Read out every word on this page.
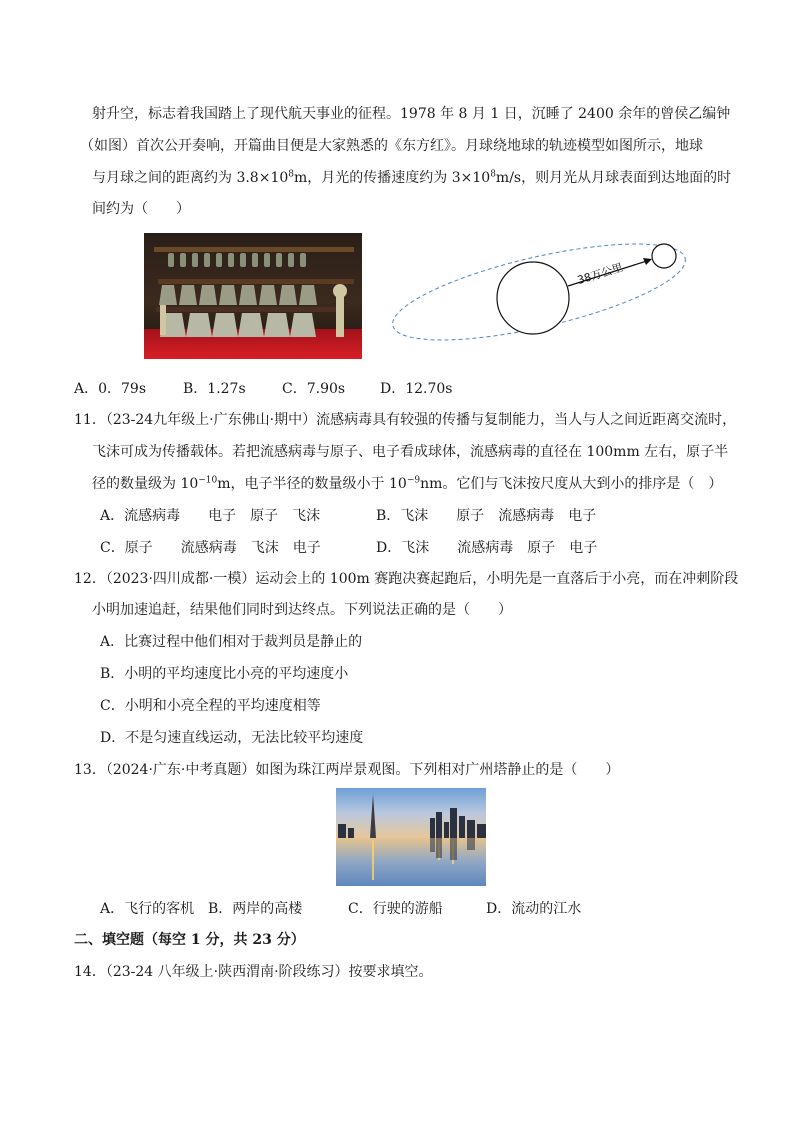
射升空，标志着我国踏上了现代航天事业的征程。1978 年 8 月 1 日，沉睡了 2400 余年的曾侯乙编钟
（如图）首次公开奏响，开篇曲目便是大家熟悉的《东方红》。月球绕地球的轨迹模型如图所示，地球
与月球之间的距离约为 $3.8\times 10^8m$，月光的传播速度约为 $3\times 10^8m/s$，则月光从月球表面到达地面的时
间约为（　　）
38万公里
A．0．79s	B．1.27s	C．7.90s D．12.70s
11．（23-24九年级上·广东佛山·期中）流感病毒具有较强的传播与复制能力，当人与人之间近距离交流时，
飞沫可成为传播载体。若把流感病毒与原子、电子看成球体，流感病毒的直径在 100mm 左右，原子半
径的数量级为 $10^{-10}m$，电子半径的数量级小于 $10^{-9}nm$。它们与飞沫按尺度从大到小的排序是（　）
A．流感病毒　　电子　原子　飞沫	B．飞沫　　原子　流感病毒　电子
C．原子　　流感病毒　飞沫　电子	D．飞沫　　流感病毒　原子　电子
12．（2023·四川成都·一模）运动会上的 100m 赛跑决赛起跑后，小明先是一直落后于小亮，而在冲刺阶段
小明加速追赶，结果他们同时到达终点。下列说法正确的是（　　）
A．比赛过程中他们相对于裁判员是静止的
B．小明的平均速度比小亮的平均速度小
C．小明和小亮全程的平均速度相等
D．不是匀速直线运动，无法比较平均速度
13．（2024·广东·中考真题）如图为珠江两岸景观图。下列相对广州塔静止的是（　　）
A．飞行的客机 B．两岸的高楼	C．行驶的游船	D．流动的江水
二、填空题（每空 1 分，共 23 分）
14．（23-24 八年级上·陕西渭南·阶段练习）按要求填空。
